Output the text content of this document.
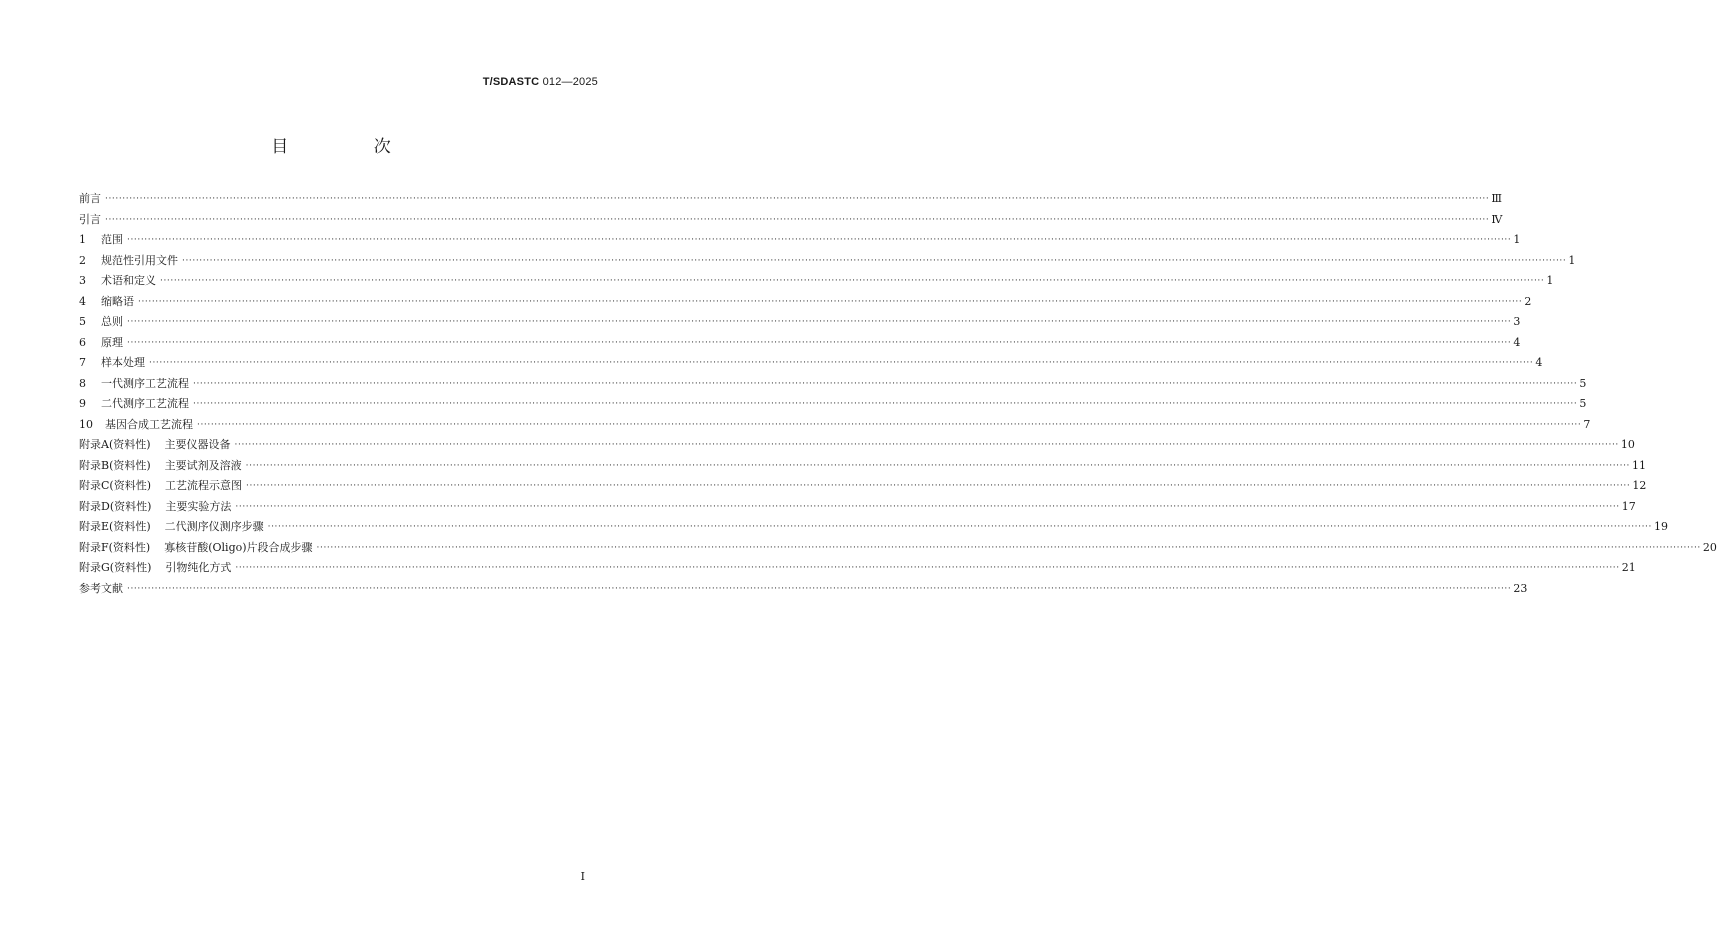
T/SDASTC 012—2025
目 次
前言 ················································································································································································································································································································································································································ Ⅲ
引言 ················································································································································································································································································································································································································ Ⅳ
1	范围 ················································································································································································································································································································································································································ 1
2	规范性引用文件 ················································································································································································································································································································································································································ 1
3	术语和定义 ················································································································································································································································································································································································································ 1
4	缩略语 ················································································································································································································································································································································································································ 2
5	总则 ················································································································································································································································································································································································································ 3
6	原理 ················································································································································································································································································································································································································ 4
7	样本处理 ················································································································································································································································································································································································································ 4
8	一代测序工艺流程 ················································································································································································································································································································································································································ 5
9	二代测序工艺流程 ················································································································································································································································································································································································································ 5
10	基因合成工艺流程 ················································································································································································································································································································································································································ 7
附录A(资料性) 主要仪器设备 ················································································································································································································································································································································································································ 10
附录B(资料性) 主要试剂及溶液 ················································································································································································································································································································································································································ 11
附录C(资料性) 工艺流程示意图 ················································································································································································································································································································································································································ 12
附录D(资料性) 主要实验方法 ················································································································································································································································································································································································································ 17
附录E(资料性) 二代测序仪测序步骤 ················································································································································································································································································································································································································ 19
附录F(资料性) 寡核苷酸(Oligo)片段合成步骤 ················································································································································································································································································································································································································ 20
附录G(资料性) 引物纯化方式 ················································································································································································································································································································································································································ 21
参考文献 ················································································································································································································································································································································································································ 23
Ⅰ
